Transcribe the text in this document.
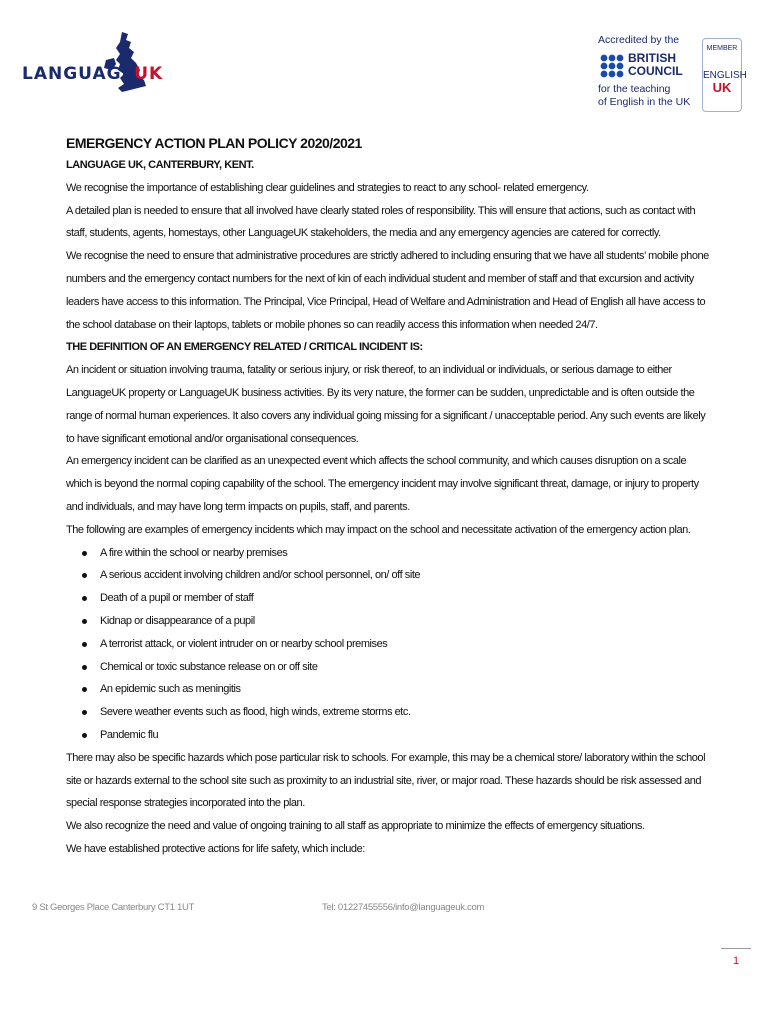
LANGUAGEUK
Accredited by the
BRITISH
COUNCIL
for the teaching
of English in the UK
MEMBER
ENGLISH
UK

EMERGENCY ACTION PLAN POLICY 2020/2021

LANGUAGE UK, CANTERBURY, KENT.

We recognise the importance of establishing clear guidelines and strategies to react to any school- related emergency.

A detailed plan is needed to ensure that all involved have clearly stated roles of responsibility. This will ensure that actions, such as contact with staff, students, agents, homestays, other LanguageUK stakeholders, the media and any emergency agencies are catered for correctly.

We recognise the need to ensure that administrative procedures are strictly adhered to including ensuring that we have all students’ mobile phone numbers and the emergency contact numbers for the next of kin of each individual student and member of staff and that excursion and activity leaders have access to this information. The Principal, Vice Principal, Head of Welfare and Administration and Head of English all have access to the school database on their laptops, tablets or mobile phones so can readily access this information when needed 24/7.

THE DEFINITION OF AN EMERGENCY RELATED / CRITICAL INCIDENT IS:

An incident or situation involving trauma, fatality or serious injury, or risk thereof, to an individual or individuals, or serious damage to either LanguageUK property or LanguageUK business activities. By its very nature, the former can be sudden, unpredictable and is often outside the range of normal human experiences. It also covers any individual going missing for a significant / unacceptable period. Any such events are likely to have significant emotional and/or organisational consequences.

An emergency incident can be clarified as an unexpected event which affects the school community, and which causes disruption on a scale which is beyond the normal coping capability of the school. The emergency incident may involve significant threat, damage, or injury to property and individuals, and may have long term impacts on pupils, staff, and parents.

The following are examples of emergency incidents which may impact on the school and necessitate activation of the emergency action plan.

A fire within the school or nearby premises
A serious accident involving children and/or school personnel, on/ off site
Death of a pupil or member of staff
Kidnap or disappearance of a pupil
A terrorist attack, or violent intruder on or nearby school premises
Chemical or toxic substance release on or off site
An epidemic such as meningitis
Severe weather events such as flood, high winds, extreme storms etc.
Pandemic flu

There may also be specific hazards which pose particular risk to schools. For example, this may be a chemical store/ laboratory within the school site or hazards external to the school site such as proximity to an industrial site, river, or major road. These hazards should be risk assessed and special response strategies incorporated into the plan.

We also recognize the need and value of ongoing training to all staff as appropriate to minimize the effects of emergency situations.

We have established protective actions for life safety, which include:

9 St Georges Place Canterbury CT1 1UT	Tel: 01227455556/info@languageuk.com
1
